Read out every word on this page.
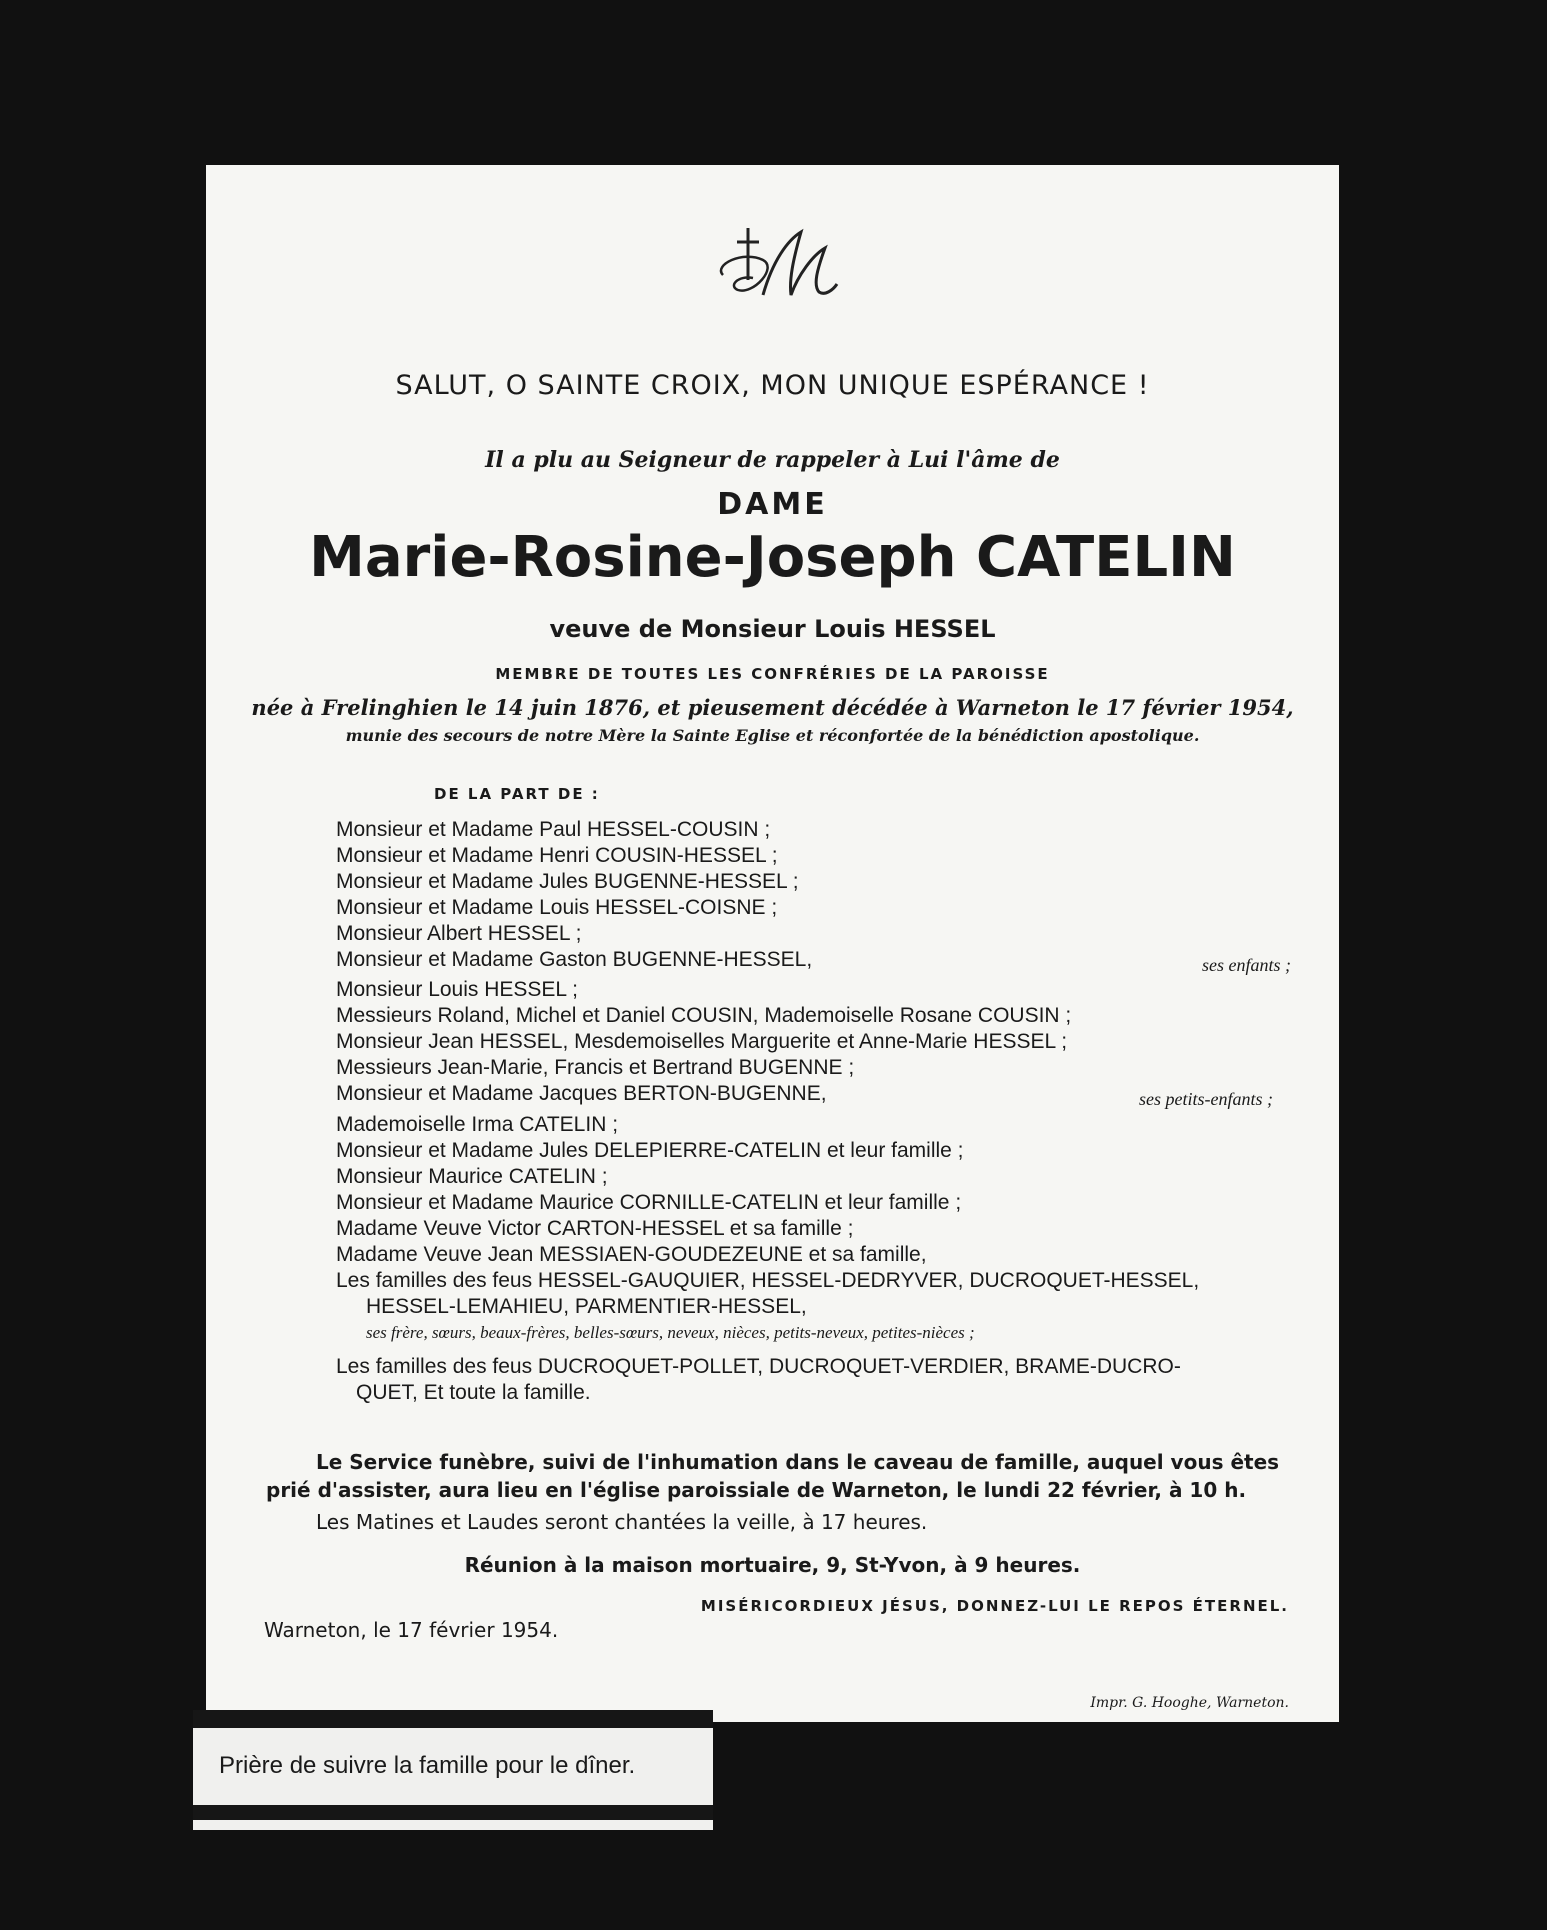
✝M
SALUT, O SAINTE CROIX, MON UNIQUE ESPÉRANCE !
Il a plu au Seigneur de rappeler à Lui l'âme de
DAME
Marie-Rosine-Joseph CATELIN
veuve de Monsieur Louis HESSEL
MEMBRE DE TOUTES LES CONFRÉRIES DE LA PAROISSE
née à Frelinghien le 14 juin 1876, et pieusement décédée à Warneton le 17 février 1954,
munie des secours de notre Mère la Sainte Eglise et réconfortée de la bénédiction apostolique.
DE LA PART DE :
Monsieur et Madame Paul HESSEL-COUSIN ;
Monsieur et Madame Henri COUSIN-HESSEL ;
Monsieur et Madame Jules BUGENNE-HESSEL ;
Monsieur et Madame Louis HESSEL-COISNE ;
Monsieur Albert HESSEL ;
Monsieur et Madame Gaston BUGENNE-HESSEL,	ses enfants ;
Monsieur Louis HESSEL ;
Messieurs Roland, Michel et Daniel COUSIN, Mademoiselle Rosane COUSIN ;
Monsieur Jean HESSEL, Mesdemoiselles Marguerite et Anne-Marie HESSEL ;
Messieurs Jean-Marie, Francis et Bertrand BUGENNE ;
Monsieur et Madame Jacques BERTON-BUGENNE,	ses petits-enfants ;
Mademoiselle Irma CATELIN ;
Monsieur et Madame Jules DELEPIERRE-CATELIN et leur famille ;
Monsieur Maurice CATELIN ;
Monsieur et Madame Maurice CORNILLE-CATELIN et leur famille ;
Madame Veuve Victor CARTON-HESSEL et sa famille ;
Madame Veuve Jean MESSIAEN-GOUDEZEUNE et sa famille,
Les familles des feus HESSEL-GAUQUIER, HESSEL-DEDRYVER, DUCROQUET-HESSEL,
HESSEL-LEMAHIEU, PARMENTIER-HESSEL,
ses frère, sœurs, beaux-frères, belles-sœurs, neveux, nièces, petits-neveux, petites-nièces ;
Les familles des feus DUCROQUET-POLLET, DUCROQUET-VERDIER, BRAME-DUCRO-
QUET, Et toute la famille.
Le Service funèbre, suivi de l'inhumation dans le caveau de famille, auquel vous êtes
prié d'assister, aura lieu en l'église paroissiale de Warneton, le lundi 22 février, à 10 h.
Les Matines et Laudes seront chantées la veille, à 17 heures.
Réunion à la maison mortuaire, 9, St-Yvon, à 9 heures.
MISÉRICORDIEUX JÉSUS, DONNEZ-LUI LE REPOS ÉTERNEL.
Warneton, le 17 février 1954.
Impr. G. Hooghe, Warneton.
Prière de suivre la famille pour le dîner.
